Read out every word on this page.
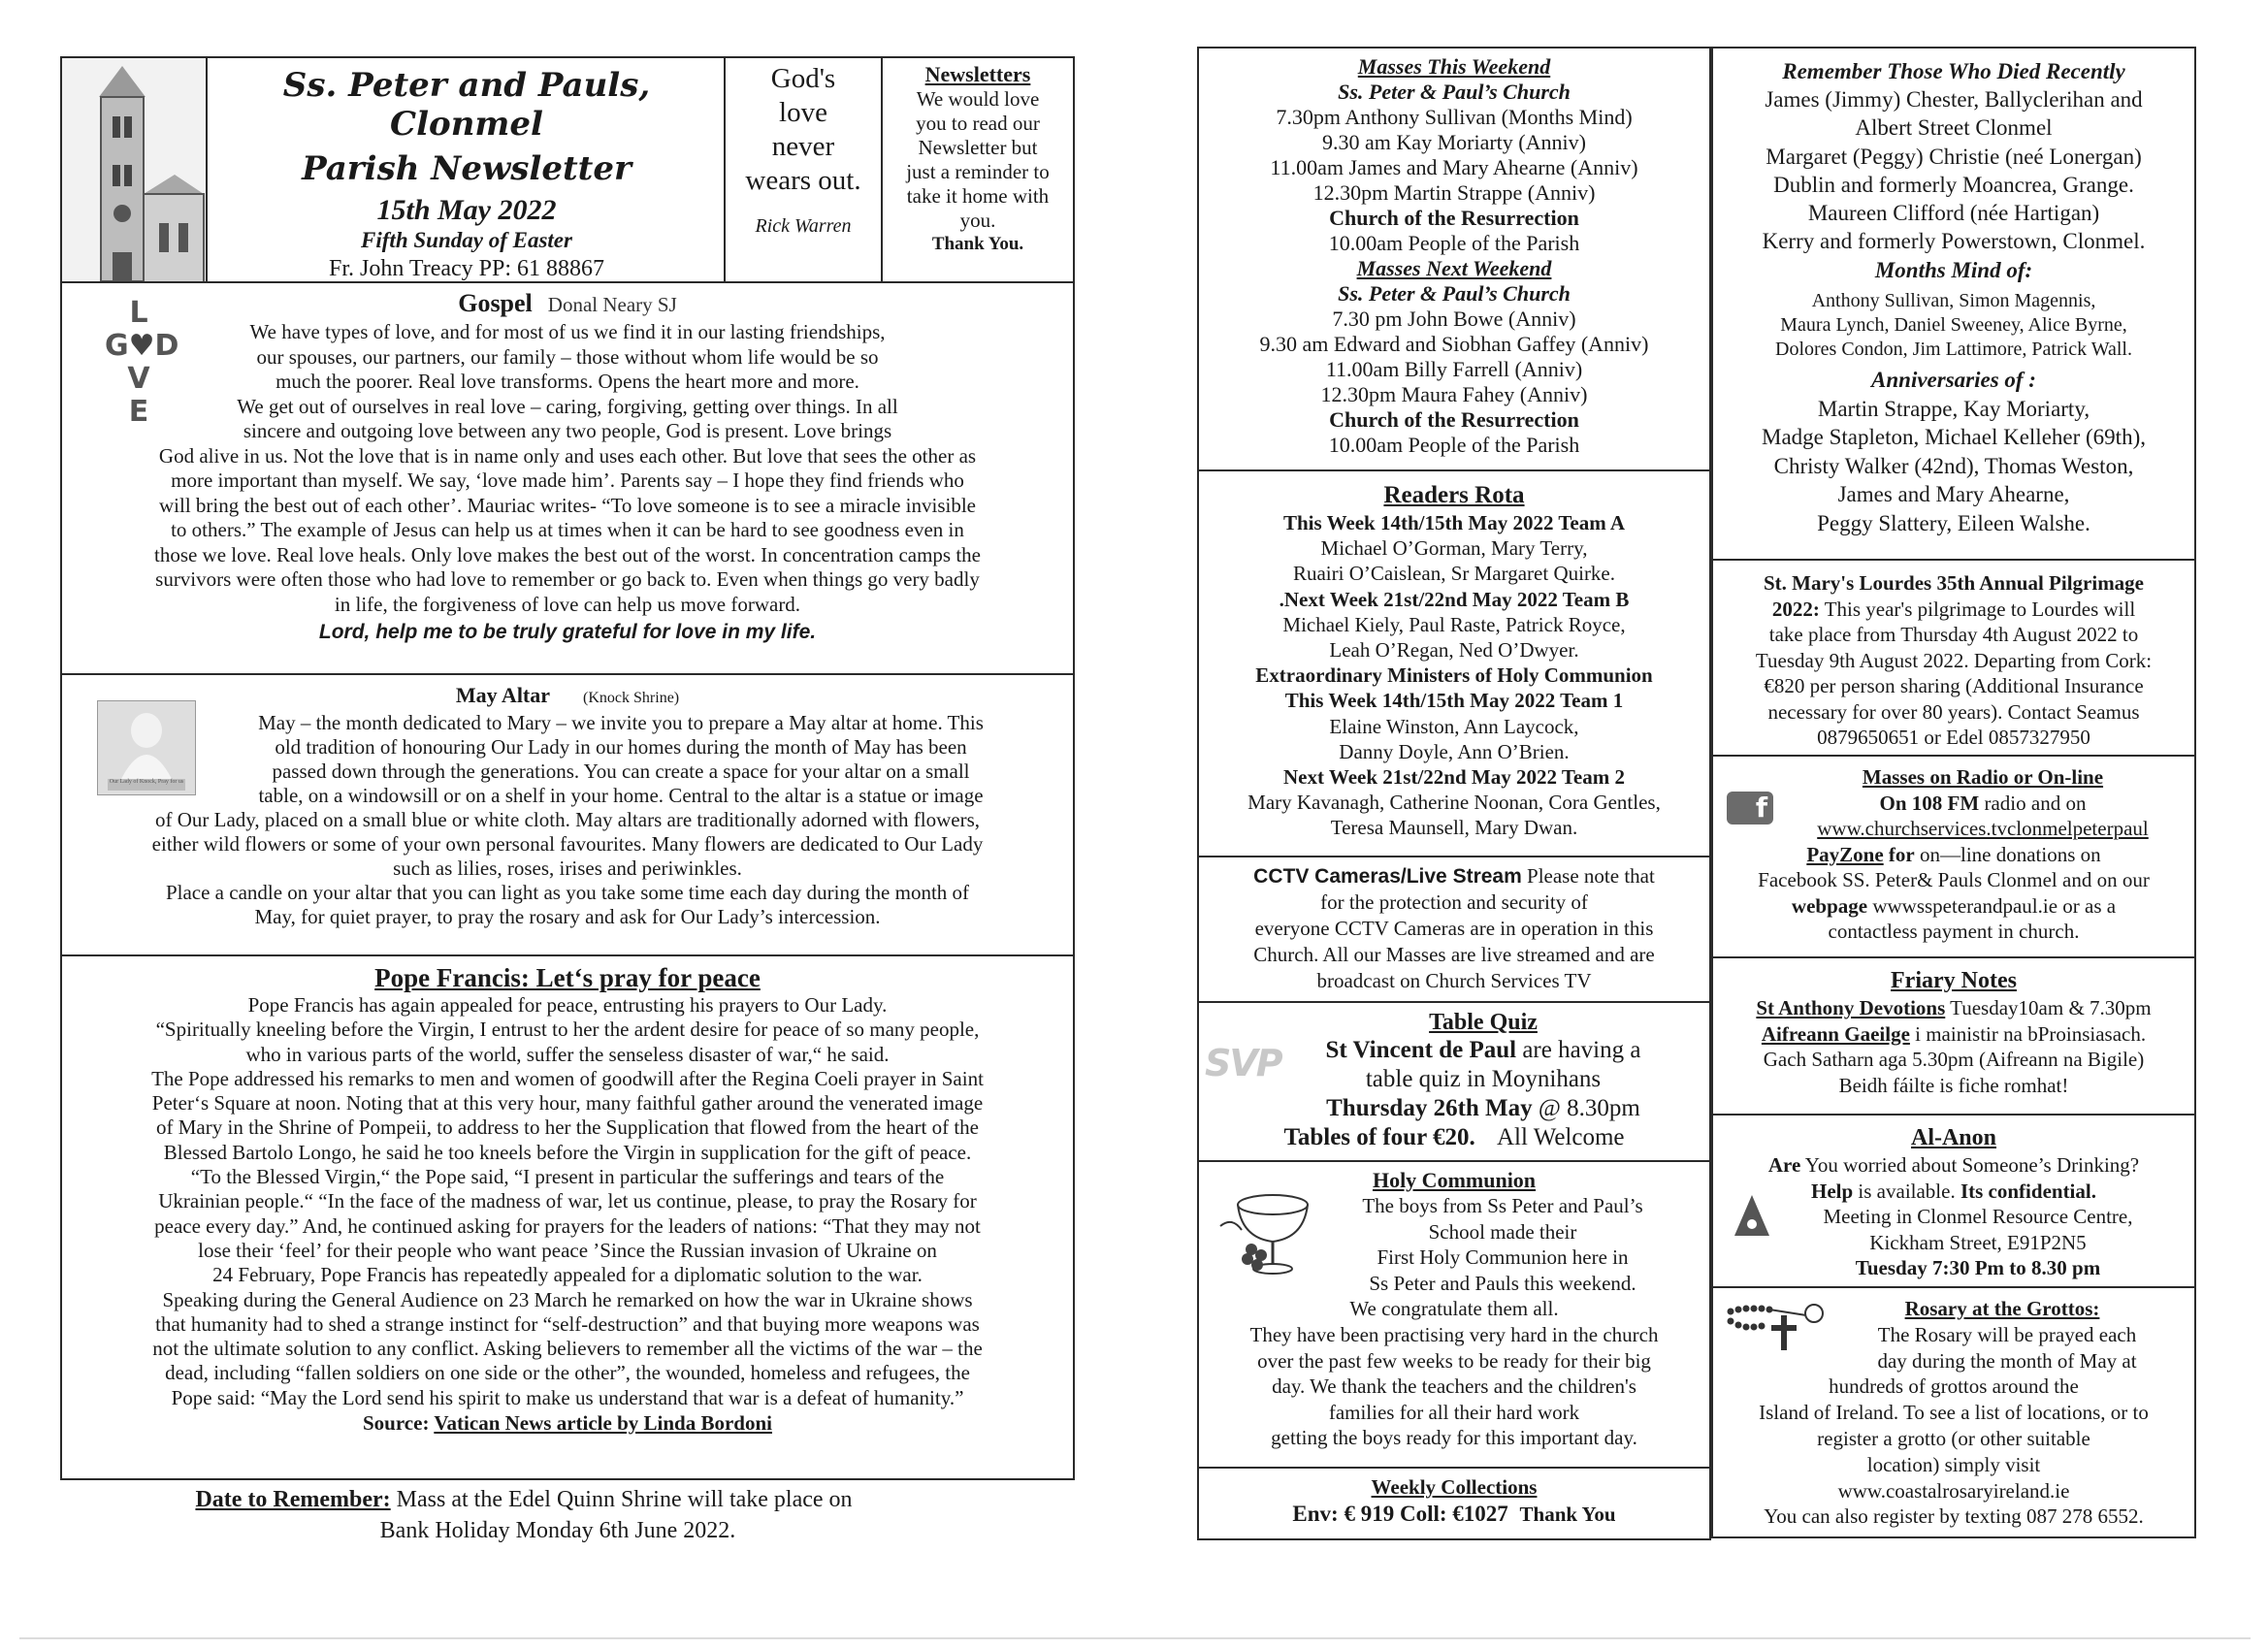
Ss. Peter and Pauls, Clonmel
Parish Newsletter
15th May 2022
Fifth Sunday of Easter
Fr. John Treacy PP: 61 88867
God's
love
never
wears out.
Rick Warren
Newsletters
We would love
you to read our
Newsletter but
just a reminder to
take it home with
you.
Thank You.
L
G♥D
V
E
Gospel Donal Neary SJ
We have types of love, and for most of us we find it in our lasting friendships,
our spouses, our partners, our family – those without whom life would be so
much the poorer. Real love transforms. Opens the heart more and more.
We get out of ourselves in real love – caring, forgiving, getting over things. In all
sincere and outgoing love between any two people, God is present. Love brings
God alive in us. Not the love that is in name only and uses each other. But love that sees the other as
more important than myself. We say, ‘love made him’. Parents say – I hope they find friends who
will bring the best out of each other’. Mauriac writes- “To love someone is to see a miracle invisible
to others.” The example of Jesus can help us at times when it can be hard to see goodness even in
those we love. Real love heals. Only love makes the best out of the worst. In concentration camps the
survivors were often those who had love to remember or go back to. Even when things go very badly
in life, the forgiveness of love can help us move forward.
Lord, help me to be truly grateful for love in my life.
Our Lady of Knock, Pray for us
May Altar (Knock Shrine)
May – the month dedicated to Mary – we invite you to prepare a May altar at home. This
old tradition of honouring Our Lady in our homes during the month of May has been
passed down through the generations. You can create a space for your altar on a small
table, on a windowsill or on a shelf in your home. Central to the altar is a statue or image
of Our Lady, placed on a small blue or white cloth. May altars are traditionally adorned with flowers,
either wild flowers or some of your own personal favourites. Many flowers are dedicated to Our Lady
such as lilies, roses, irises and periwinkles.
Place a candle on your altar that you can light as you take some time each day during the month of
May, for quiet prayer, to pray the rosary and ask for Our Lady’s intercession.
Pope Francis: Let‘s pray for peace
Pope Francis has again appealed for peace, entrusting his prayers to Our Lady.
“Spiritually kneeling before the Virgin, I entrust to her the ardent desire for peace of so many people,
who in various parts of the world, suffer the senseless disaster of war,“ he said.
The Pope addressed his remarks to men and women of goodwill after the Regina Coeli prayer in Saint
Peter‘s Square at noon. Noting that at this very hour, many faithful gather around the venerated image
of Mary in the Shrine of Pompeii, to address to her the Supplication that flowed from the heart of the
Blessed Bartolo Longo, he said he too kneels before the Virgin in supplication for the gift of peace.
“To the Blessed Virgin,“ the Pope said, “I present in particular the sufferings and tears of the
Ukrainian people.“ “In the face of the madness of war, let us continue, please, to pray the Rosary for
peace every day.” And, he continued asking for prayers for the leaders of nations: “That they may not
lose their ‘feel’ for their people who want peace ’Since the Russian invasion of Ukraine on
24 February, Pope Francis has repeatedly appealed for a diplomatic solution to the war.
Speaking during the General Audience on 23 March he remarked on how the war in Ukraine shows
that humanity had to shed a strange instinct for “self-destruction” and that buying more weapons was
not the ultimate solution to any conflict. Asking believers to remember all the victims of the war – the
dead, including “fallen soldiers on one side or the other”, the wounded, homeless and refugees, the
Pope said: “May the Lord send his spirit to make us understand that war is a defeat of humanity.”
Source: Vatican News article by Linda Bordoni
Date to Remember: Mass at the Edel Quinn Shrine will take place on
Bank Holiday Monday 6th June 2022.
Masses This Weekend
Ss. Peter & Paul’s Church
7.30pm Anthony Sullivan (Months Mind)
9.30 am Kay Moriarty (Anniv)
11.00am James and Mary Ahearne (Anniv)
12.30pm Martin Strappe (Anniv)
Church of the Resurrection
10.00am People of the Parish
Masses Next Weekend
Ss. Peter & Paul’s Church
7.30 pm John Bowe (Anniv)
9.30 am Edward and Siobhan Gaffey (Anniv)
11.00am Billy Farrell (Anniv)
12.30pm Maura Fahey (Anniv)
Church of the Resurrection
10.00am People of the Parish
Readers Rota
This Week 14th/15th May 2022 Team A
Michael O’Gorman, Mary Terry,
Ruairi O’Caislean, Sr Margaret Quirke.
.Next Week 21st/22nd May 2022 Team B
Michael Kiely, Paul Raste, Patrick Royce,
Leah O’Regan, Ned O’Dwyer.
Extraordinary Ministers of Holy Communion
This Week 14th/15th May 2022 Team 1
Elaine Winston, Ann Laycock,
Danny Doyle, Ann O’Brien.
Next Week 21st/22nd May 2022 Team 2
Mary Kavanagh, Catherine Noonan, Cora Gentles,
Teresa Maunsell, Mary Dwan.
CCTV Cameras/Live Stream Please note that
for the protection and security of
everyone CCTV Cameras are in operation in this
Church. All our Masses are live streamed and are
broadcast on Church Services TV
SVP
Table Quiz
St Vincent de Paul are having a
table quiz in Moynihans
Thursday 26th May @ 8.30pm
Tables of four €20. All Welcome
Holy Communion
The boys from Ss Peter and Paul’s
School made their
First Holy Communion here in
Ss Peter and Pauls this weekend.
We congratulate them all.
They have been practising very hard in the church
over the past few weeks to be ready for their big
day. We thank the teachers and the children's
families for all their hard work
getting the boys ready for this important day.
Weekly Collections
Env: € 919 Coll: €1027 Thank You
Remember Those Who Died Recently
James (Jimmy) Chester, Ballyclerihan and
Albert Street Clonmel
Margaret (Peggy) Christie (neé Lonergan)
Dublin and formerly Moancrea, Grange.
Maureen Clifford (née Hartigan)
Kerry and formerly Powerstown, Clonmel.
Months Mind of:
Anthony Sullivan, Simon Magennis,
Maura Lynch, Daniel Sweeney, Alice Byrne,
Dolores Condon, Jim Lattimore, Patrick Wall.
Anniversaries of :
Martin Strappe, Kay Moriarty,
Madge Stapleton, Michael Kelleher (69th),
Christy Walker (42nd), Thomas Weston,
James and Mary Ahearne,
Peggy Slattery, Eileen Walshe.
St. Mary's Lourdes 35th Annual Pilgrimage
2022: This year's pilgrimage to Lourdes will
take place from Thursday 4th August 2022 to
Tuesday 9th August 2022. Departing from Cork:
€820 per person sharing (Additional Insurance
necessary for over 80 years). Contact Seamus
0879650651 or Edel 0857327950
f
Masses on Radio or On-line
On 108 FM radio and on
www.churchservices.tvclonmelpeterpaul
PayZone for on—line donations on
Facebook SS. Peter& Pauls Clonmel and on our
webpage wwwsspeterandpaul.ie or as a
contactless payment in church.
Friary Notes
St Anthony Devotions Tuesday10am & 7.30pm
Aifreann Gaeilge i mainistir na bProinsiasach.
Gach Satharn aga 5.30pm (Aifreann na Bigile)
Beidh fáilte is fiche romhat!
Al-Anon
Are You worried about Someone’s Drinking?
Help is available. Its confidential.
Meeting in Clonmel Resource Centre,
Kickham Street, E91P2N5
Tuesday 7:30 Pm to 8.30 pm
Rosary at the Grottos:
The Rosary will be prayed each
day during the month of May at
hundreds of grottos around the
Island of Ireland. To see a list of locations, or to
register a grotto (or other suitable
location) simply visit
www.coastalrosaryireland.ie
You can also register by texting 087 278 6552.
